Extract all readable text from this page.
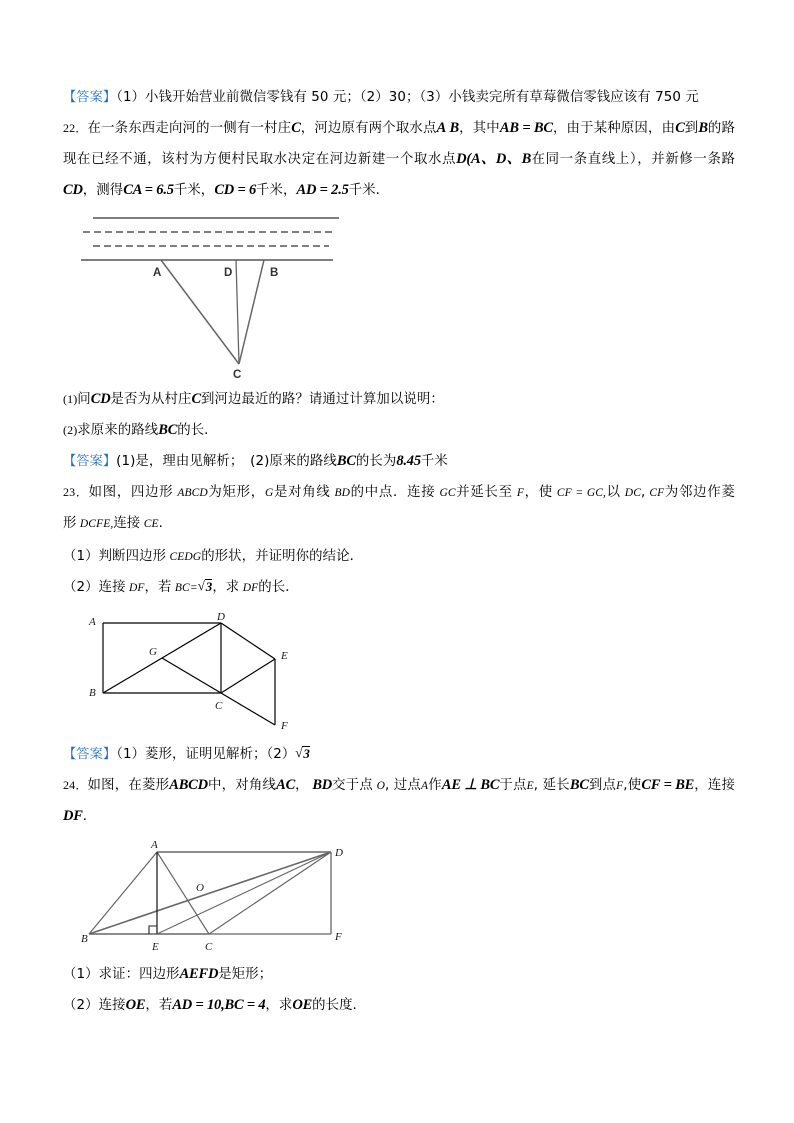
【答案】（1）小钱开始营业前微信零钱有 50 元；（2）30；（3）小钱卖完所有草莓微信零钱应该有 750 元

22．在一条东西走向河的一侧有一村庄C，河边原有两个取水点A B，其中AB = BC，由于某种原因，由C到B的路现在已经不通，该村为方便村民取水决定在河边新建一个取水点D(A、D、B在同一条直线上），并新修一条路CD，测得CA = 6.5千米，CD = 6千米，AD = 2.5千米．

A	D	B
C

(1)问CD是否为从村庄C到河边最近的路？请通过计算加以说明：

(2)求原来的路线BC的长．

【答案】(1)是，理由见解析； (2)原来的路线BC的长为8.45千米

23．如图，四边形 ABCD为矩形，G是对角线 BD的中点．连接 GC并延长至 F，使 CF = GC,以 DC, CF为邻边作菱形 DCFE,连接 CE.

（1）判断四边形 CEDG的形状，并证明你的结论．

（2）连接 DF，若 BC= √ 3，求 DF的长．

A	D
B
C
G	E
F

【答案】（1）菱形，证明见解析；（2） √ 3

24．如图，在菱形ABCD中，对角线AC， BD交于点 O, 过点A作AE ⊥ BC于点E, 延长BC到点F,使CF = BE，连接DF．

A
D
B
E	C
F
O

（1）求证：四边形AEFD是矩形；

（2）连接OE，若AD = 10,BC = 4，求OE的长度．
